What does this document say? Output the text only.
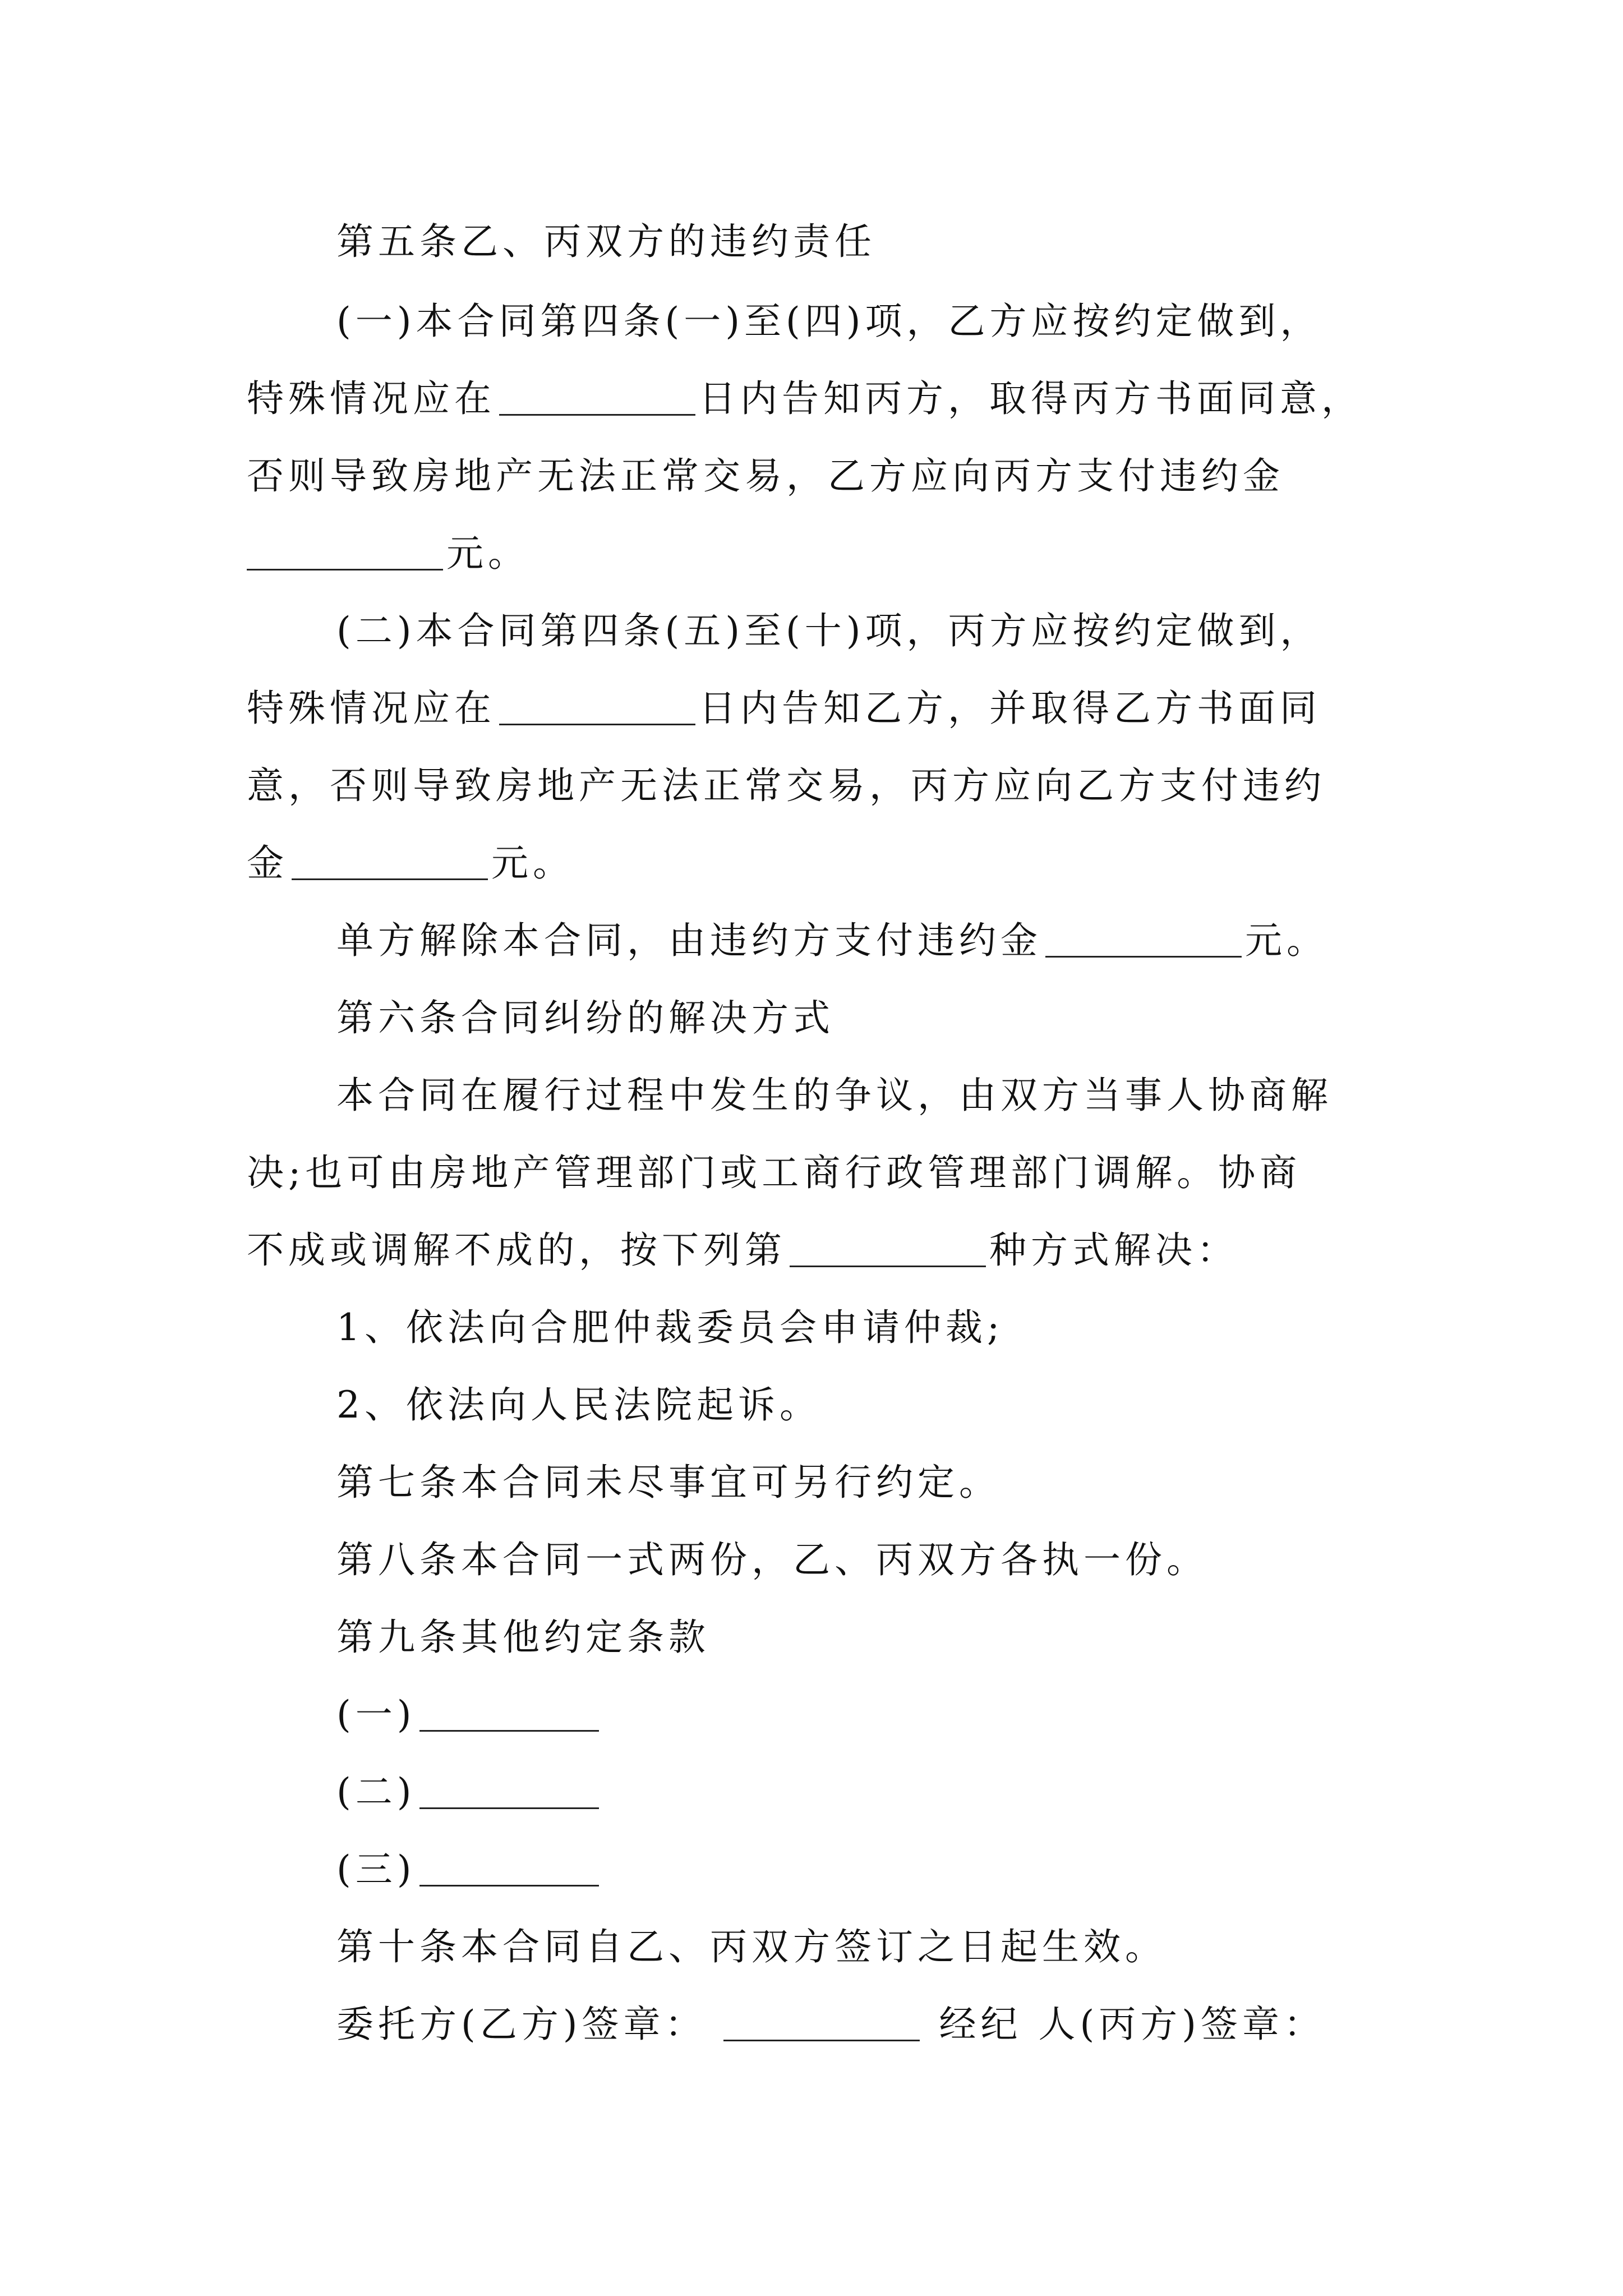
第五条乙、丙双方的违约责任
(一)本合同第四条(一)至(四)项，乙方应按约定做到，
特殊情况应在	日内告知丙方，取得丙方书面同意，
否则导致房地产无法正常交易，乙方应向丙方支付违约金
元。
(二)本合同第四条(五)至(十)项，丙方应按约定做到，
特殊情况应在	日内告知乙方，并取得乙方书面同
意，否则导致房地产无法正常交易，丙方应向乙方支付违约
金	元。
单方解除本合同，由违约方支付违约金	元。
第六条合同纠纷的解决方式
本合同在履行过程中发生的争议，由双方当事人协商解
决;也可由房地产管理部门或工商行政管理部门调解。协商
不成或调解不成的，按下列第	种方式解决：
1、依法向合肥仲裁委员会申请仲裁;
2、依法向人民法院起诉。
第七条本合同未尽事宜可另行约定。
第八条本合同一式两份，乙、丙双方各执一份。
第九条其他约定条款
(一)
(二)
(三)
第十条本合同自乙、丙双方签订之日起生效。
委托方(乙方)签章：	经纪 人(丙方)签章：
